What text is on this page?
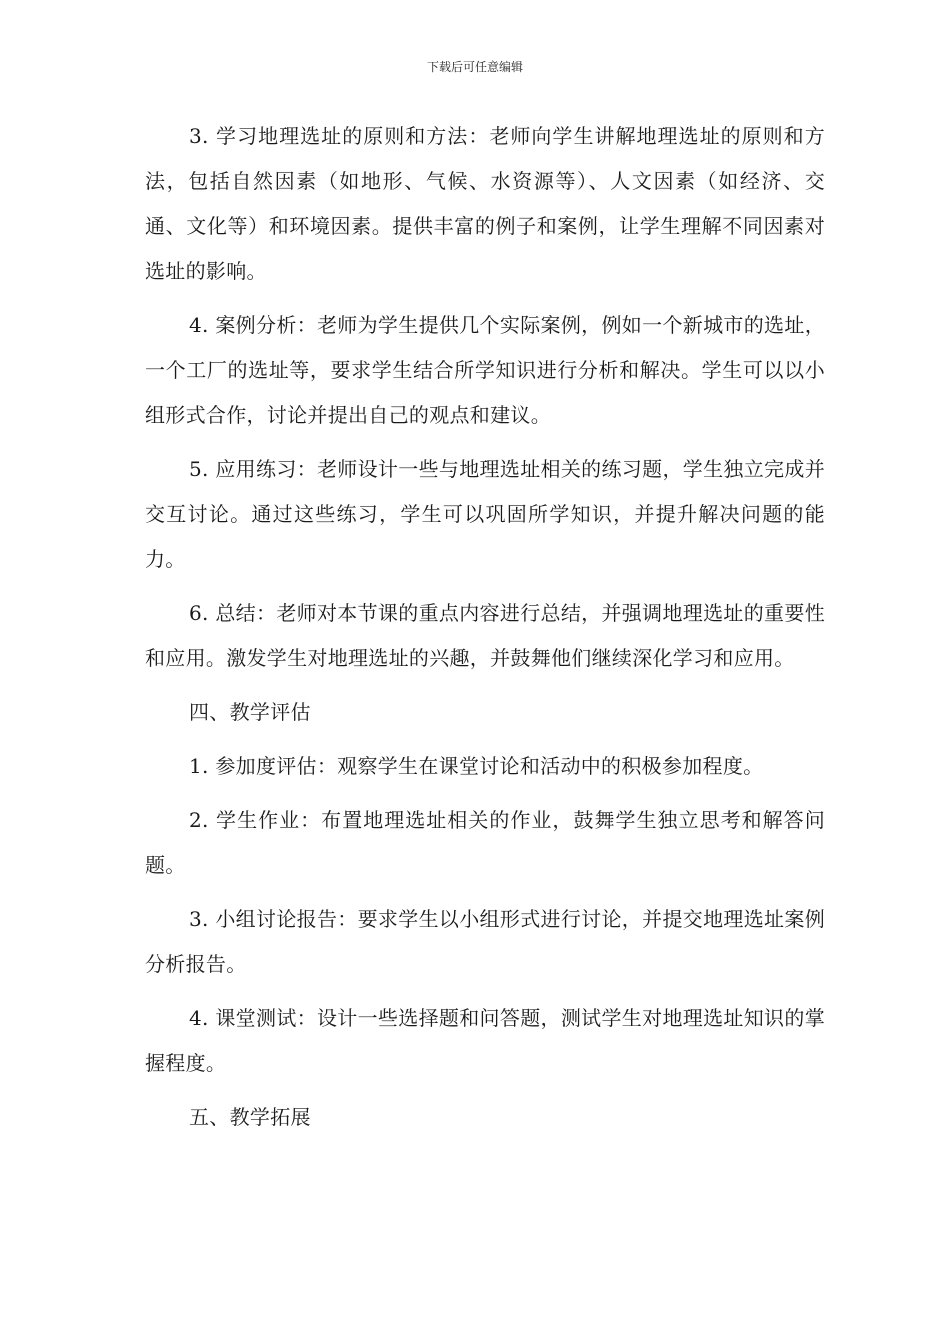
下载后可任意编辑

3. 学习地理选址的原则和方法：老师向学生讲解地理选址的原则和方法，包括自然因素（如地形、气候、水资源等）、人文因素（如经济、交通、文化等）和环境因素。提供丰富的例子和案例，让学生理解不同因素对选址的影响。

4. 案例分析：老师为学生提供几个实际案例，例如一个新城市的选址，一个工厂的选址等，要求学生结合所学知识进行分析和解决。学生可以以小组形式合作，讨论并提出自己的观点和建议。

5. 应用练习：老师设计一些与地理选址相关的练习题，学生独立完成并交互讨论。通过这些练习，学生可以巩固所学知识，并提升解决问题的能力。

6. 总结：老师对本节课的重点内容进行总结，并强调地理选址的重要性和应用。激发学生对地理选址的兴趣，并鼓舞他们继续深化学习和应用。

四、教学评估

1. 参加度评估：观察学生在课堂讨论和活动中的积极参加程度。

2. 学生作业：布置地理选址相关的作业，鼓舞学生独立思考和解答问题。

3. 小组讨论报告：要求学生以小组形式进行讨论，并提交地理选址案例分析报告。

4. 课堂测试：设计一些选择题和问答题，测试学生对地理选址知识的掌握程度。

五、教学拓展
